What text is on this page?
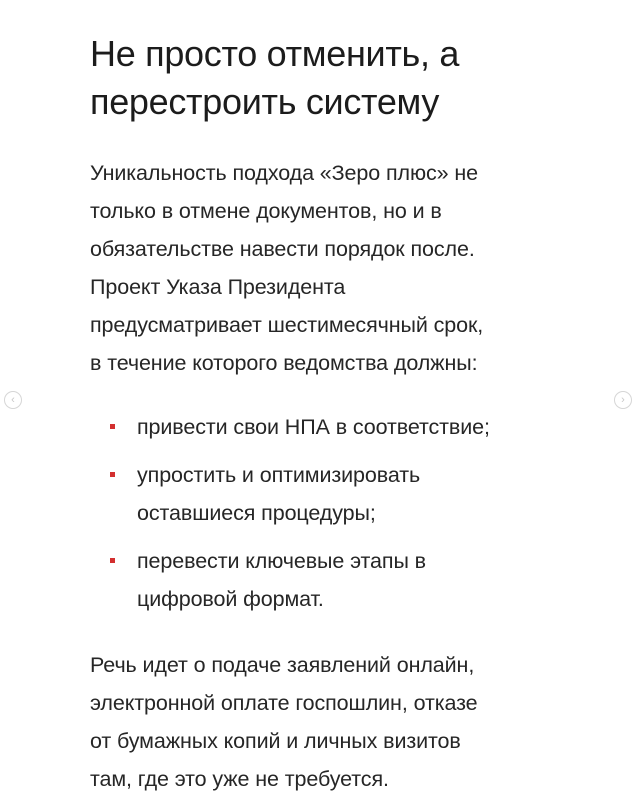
Не просто отменить, а
перестроить систему

Уникальность подхода «Зеро плюс» не
только в отмене документов, но и в
обязательстве навести порядок после.
Проект Указа Президента
предусматривает шестимесячный срок,
в течение которого ведомства должны:

привести свои НПА в соответствие;
упростить и оптимизировать
оставшиеся процедуры;
перевести ключевые этапы в
цифровой формат.

Речь идет о подаче заявлений онлайн,
электронной оплате госпошлин, отказе
от бумажных копий и личных визитов
там, где это уже не требуется.

‹	›
